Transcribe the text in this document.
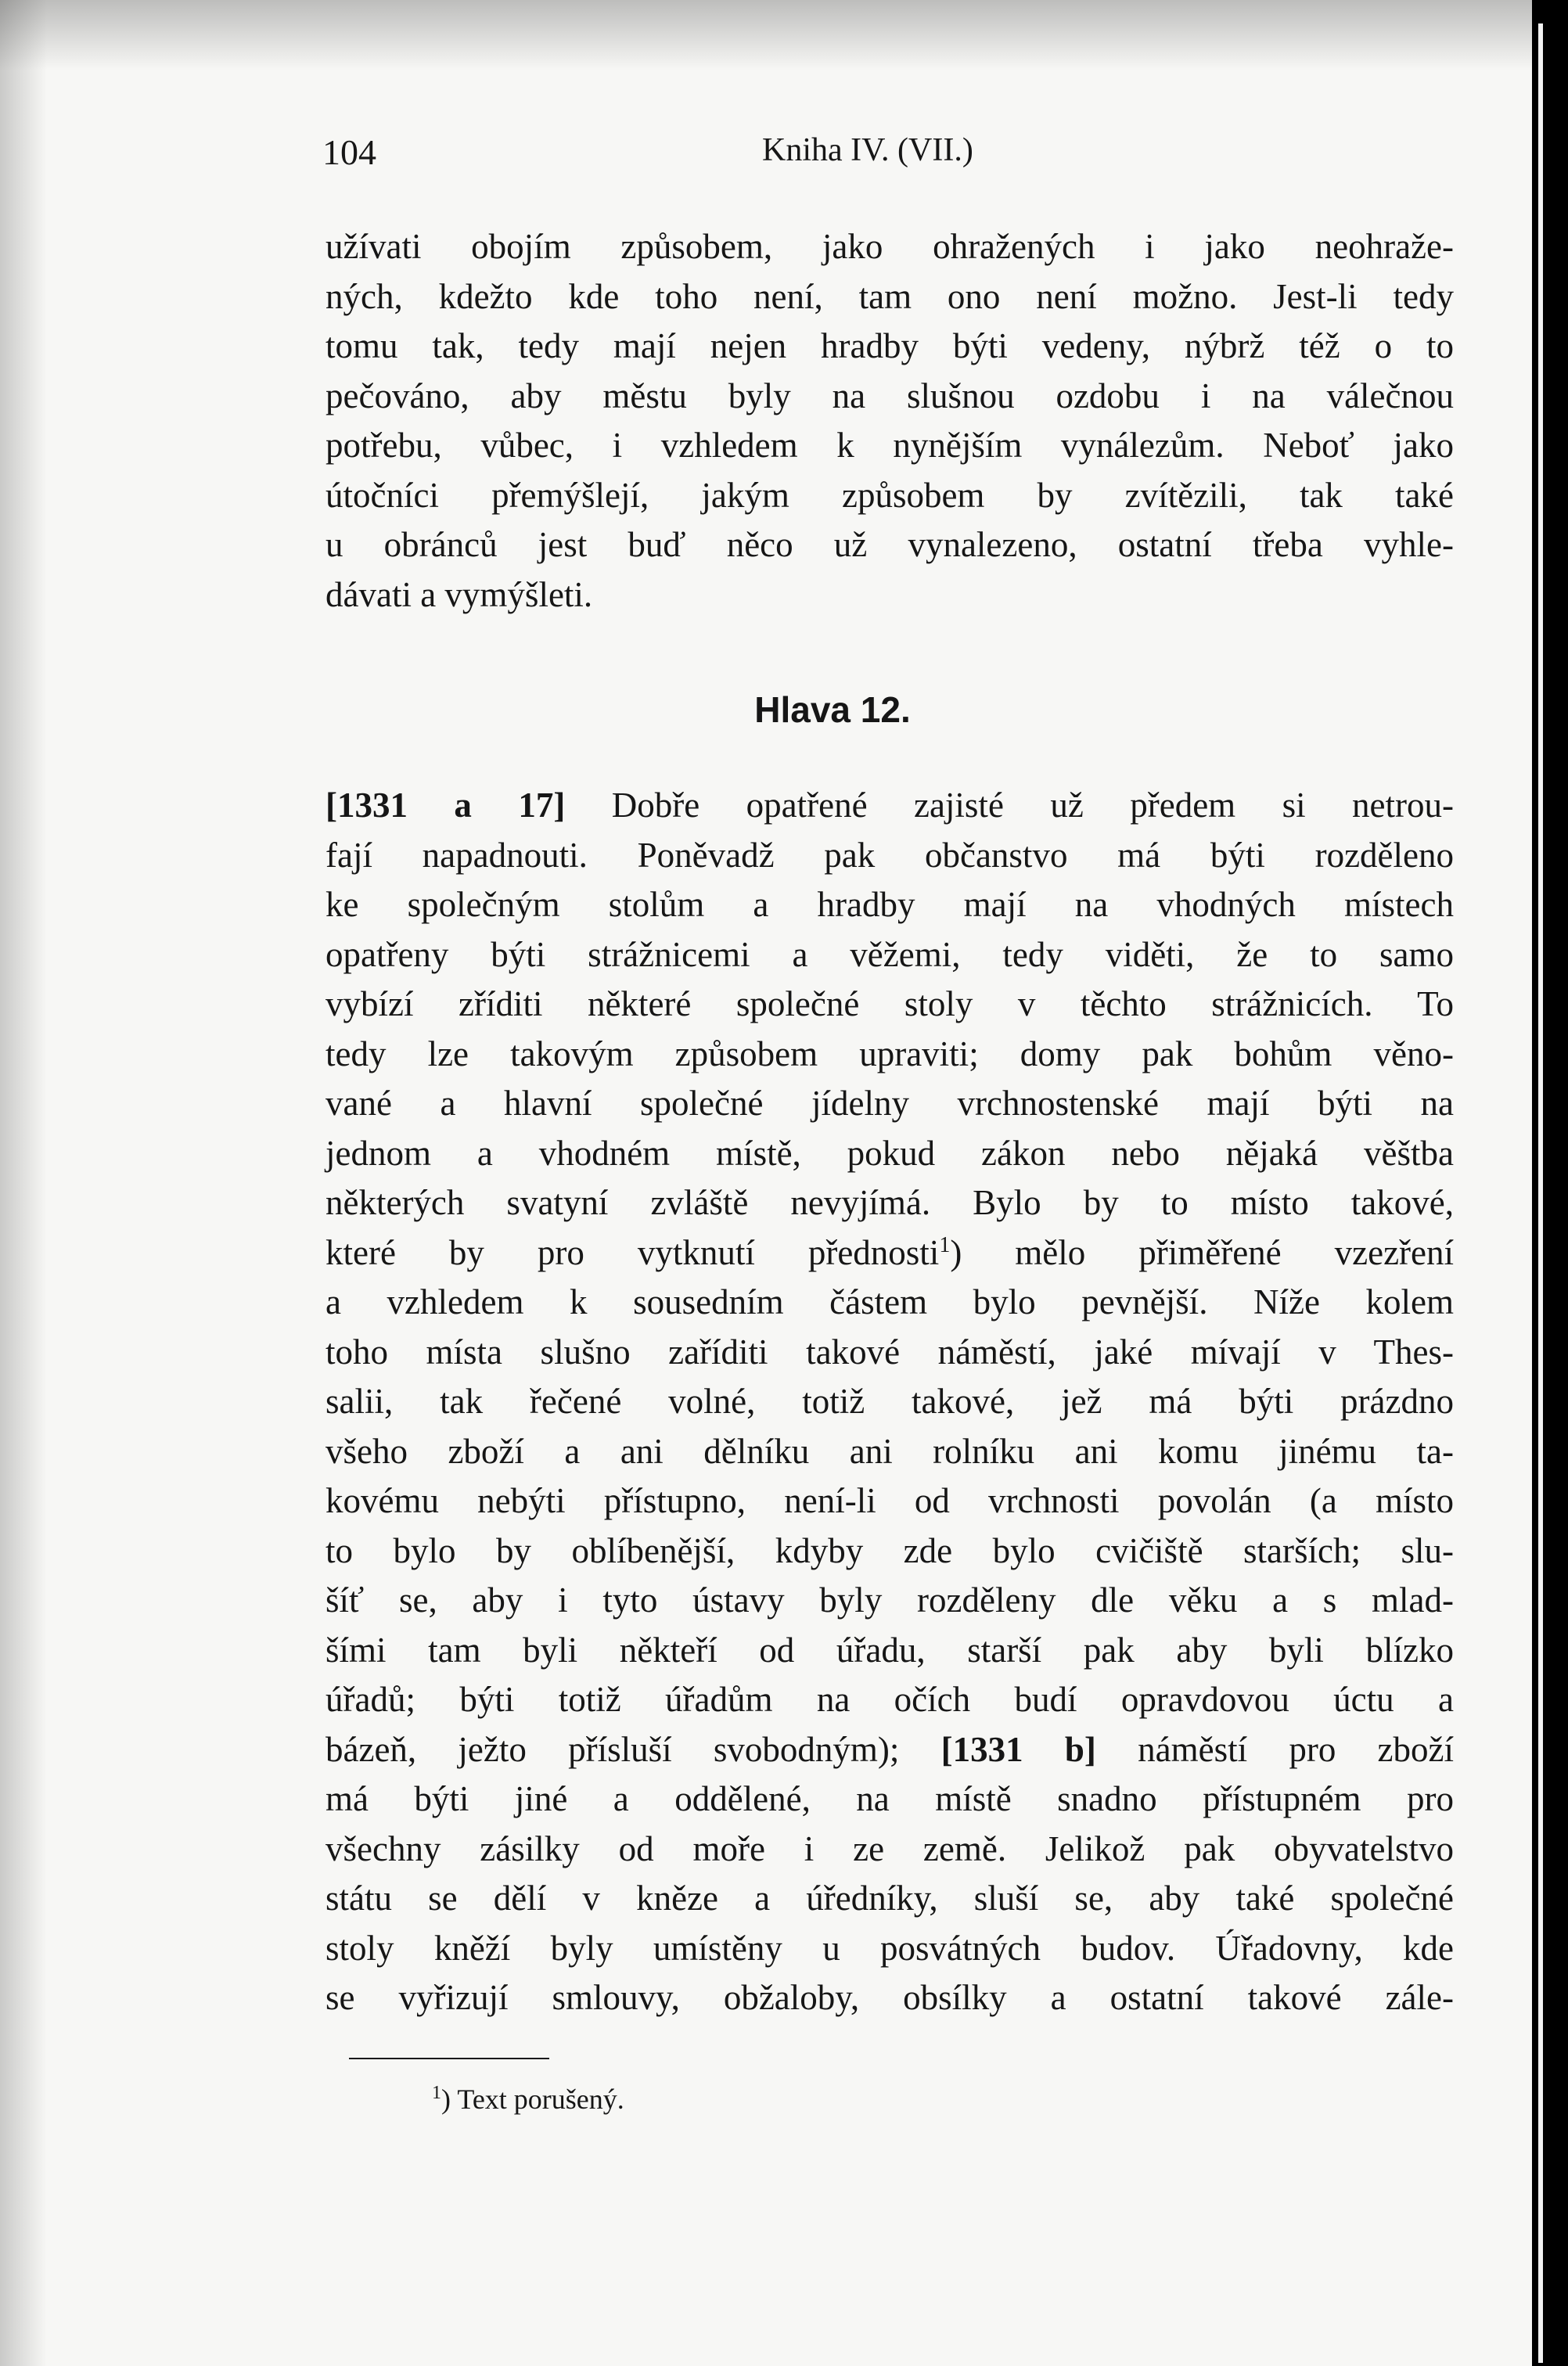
104	Kniha IV. (VII.)
užívati obojím způsobem, jako ohražených i jako neohraže-
ných, kdežto kde toho není, tam ono není možno. Jest-li tedy
tomu tak, tedy mají nejen hradby býti vedeny, nýbrž též o to
pečováno, aby městu byly na slušnou ozdobu i na válečnou
potřebu, vůbec, i vzhledem k nynějším vynálezům. Neboť jako
útočníci přemýšlejí, jakým způsobem by zvítězili, tak také
u obránců jest buď něco už vynalezeno, ostatní třeba vyhle-
dávati a vymýšleti.
Hlava 12.
[1331 a 17] Dobře opatřené zajisté už předem si netrou-
fají napadnouti. Poněvadž pak občanstvo má býti rozděleno
ke společným stolům a hradby mají na vhodných místech
opatřeny býti strážnicemi a věžemi, tedy viděti, že to samo
vybízí zříditi některé společné stoly v těchto strážnicích. To
tedy lze takovým způsobem upraviti; domy pak bohům věno-
vané a hlavní společné jídelny vrchnostenské mají býti na
jednom a vhodném místě, pokud zákon nebo nějaká věštba
některých svatyní zvláště nevyjímá. Bylo by to místo takové,
které by pro vytknutí přednosti$^1$) mělo přiměřené vzezření
a vzhledem k sousedním částem bylo pevnější. Níže kolem
toho místa slušno zaříditi takové náměstí, jaké mívají v Thes-
salii, tak řečené volné, totiž takové, jež má býti prázdno
všeho zboží a ani dělníku ani rolníku ani komu jinému ta-
kovému nebýti přístupno, není-li od vrchnosti povolán (a místo
to bylo by oblíbenější, kdyby zde bylo cvičiště starších; slu-
šíť se, aby i tyto ústavy byly rozděleny dle věku a s mlad-
šími tam byli někteří od úřadu, starší pak aby byli blízko
úřadů; býti totiž úřadům na očích budí opravdovou úctu a
bázeň, ježto přísluší svobodným); [1331 b] náměstí pro zboží
má býti jiné a oddělené, na místě snadno přístupném pro
všechny zásilky od moře i ze země. Jelikož pak obyvatelstvo
státu se dělí v kněze a úředníky, sluší se, aby také společné
stoly kněží byly umístěny u posvátných budov. Úřadovny, kde
se vyřizují smlouvy, obžaloby, obsílky a ostatní takové zále-
$^1$) Text porušený.
